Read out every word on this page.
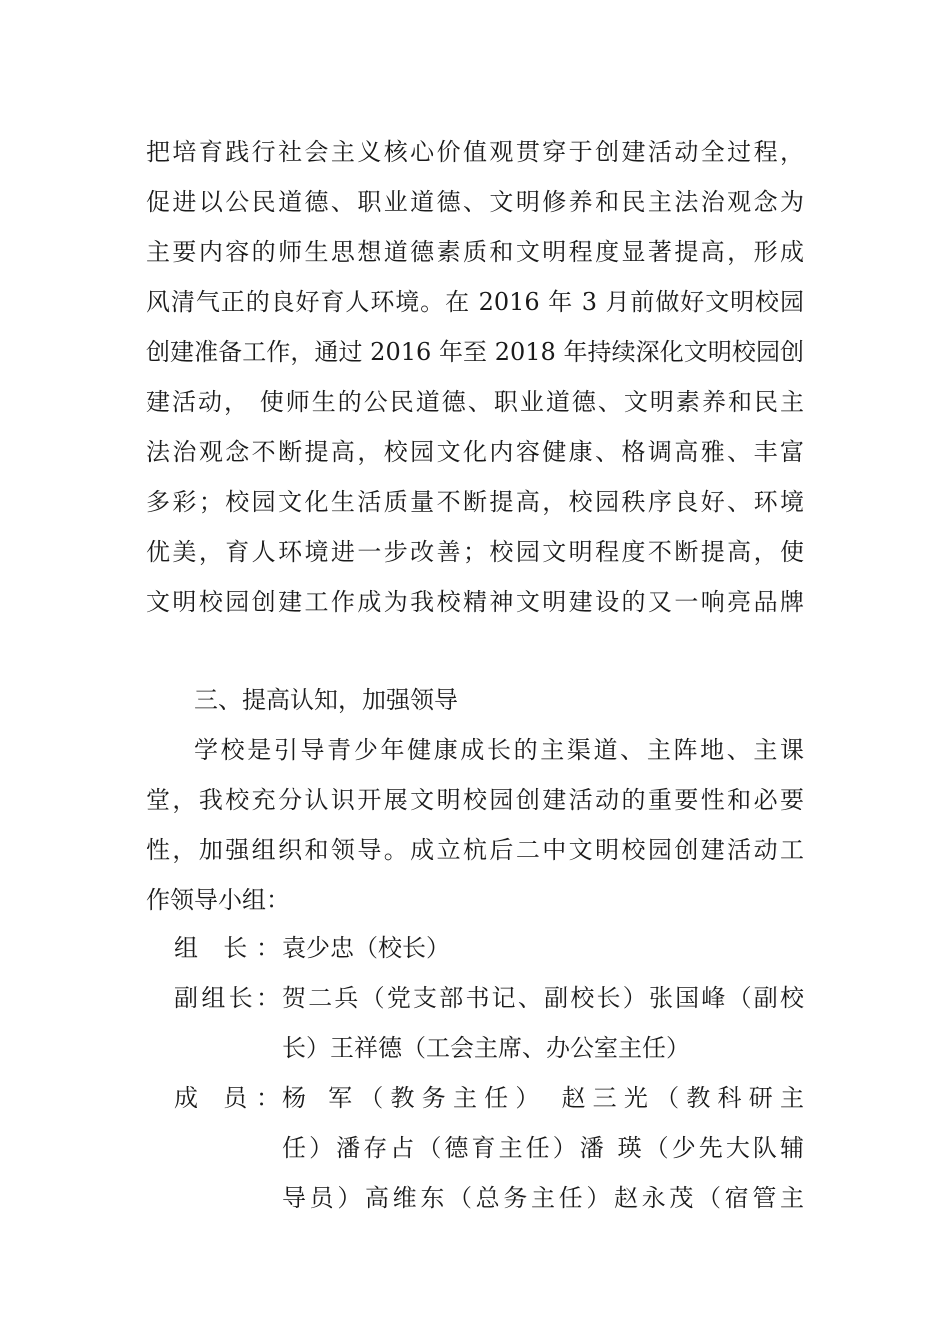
把培育践行社会主义核心价值观贯穿于创建活动全过程，
促进以公民道德、职业道德、文明修养和民主法治观念为
主要内容的师生思想道德素质和文明程度显著提高，形成
风清气正的良好育人环境。在 2016 年 3 月前做好文明校园
创建准备工作，通过 2016 年至 2018 年持续深化文明校园创
建活动， 使师生的公民道德、职业道德、文明素养和民主
法治观念不断提高，校园文化内容健康、格调高雅、丰富
多彩；校园文化生活质量不断提高，校园秩序良好、环境
优美，育人环境进一步改善；校园文明程度不断提高，使
文明校园创建工作成为我校精神文明建设的又一响亮品牌
三、提高认知，加强领导
学校是引导青少年健康成长的主渠道、主阵地、主课
堂，我校充分认识开展文明校园创建活动的重要性和必要
性，加强组织和领导。成立杭后二中文明校园创建活动工
作领导小组：
组 长： 袁少忠（校长）
副组长： 贺二兵（党支部书记、副校长）张国峰（副校
长）王祥德（工会主席、办公室主任）
成 员： 杨 军（教务主任） 赵三光（教科研主
任）潘存占（德育主任）潘 瑛（少先大队辅
导员）高维东（总务主任）赵永茂（宿管主
